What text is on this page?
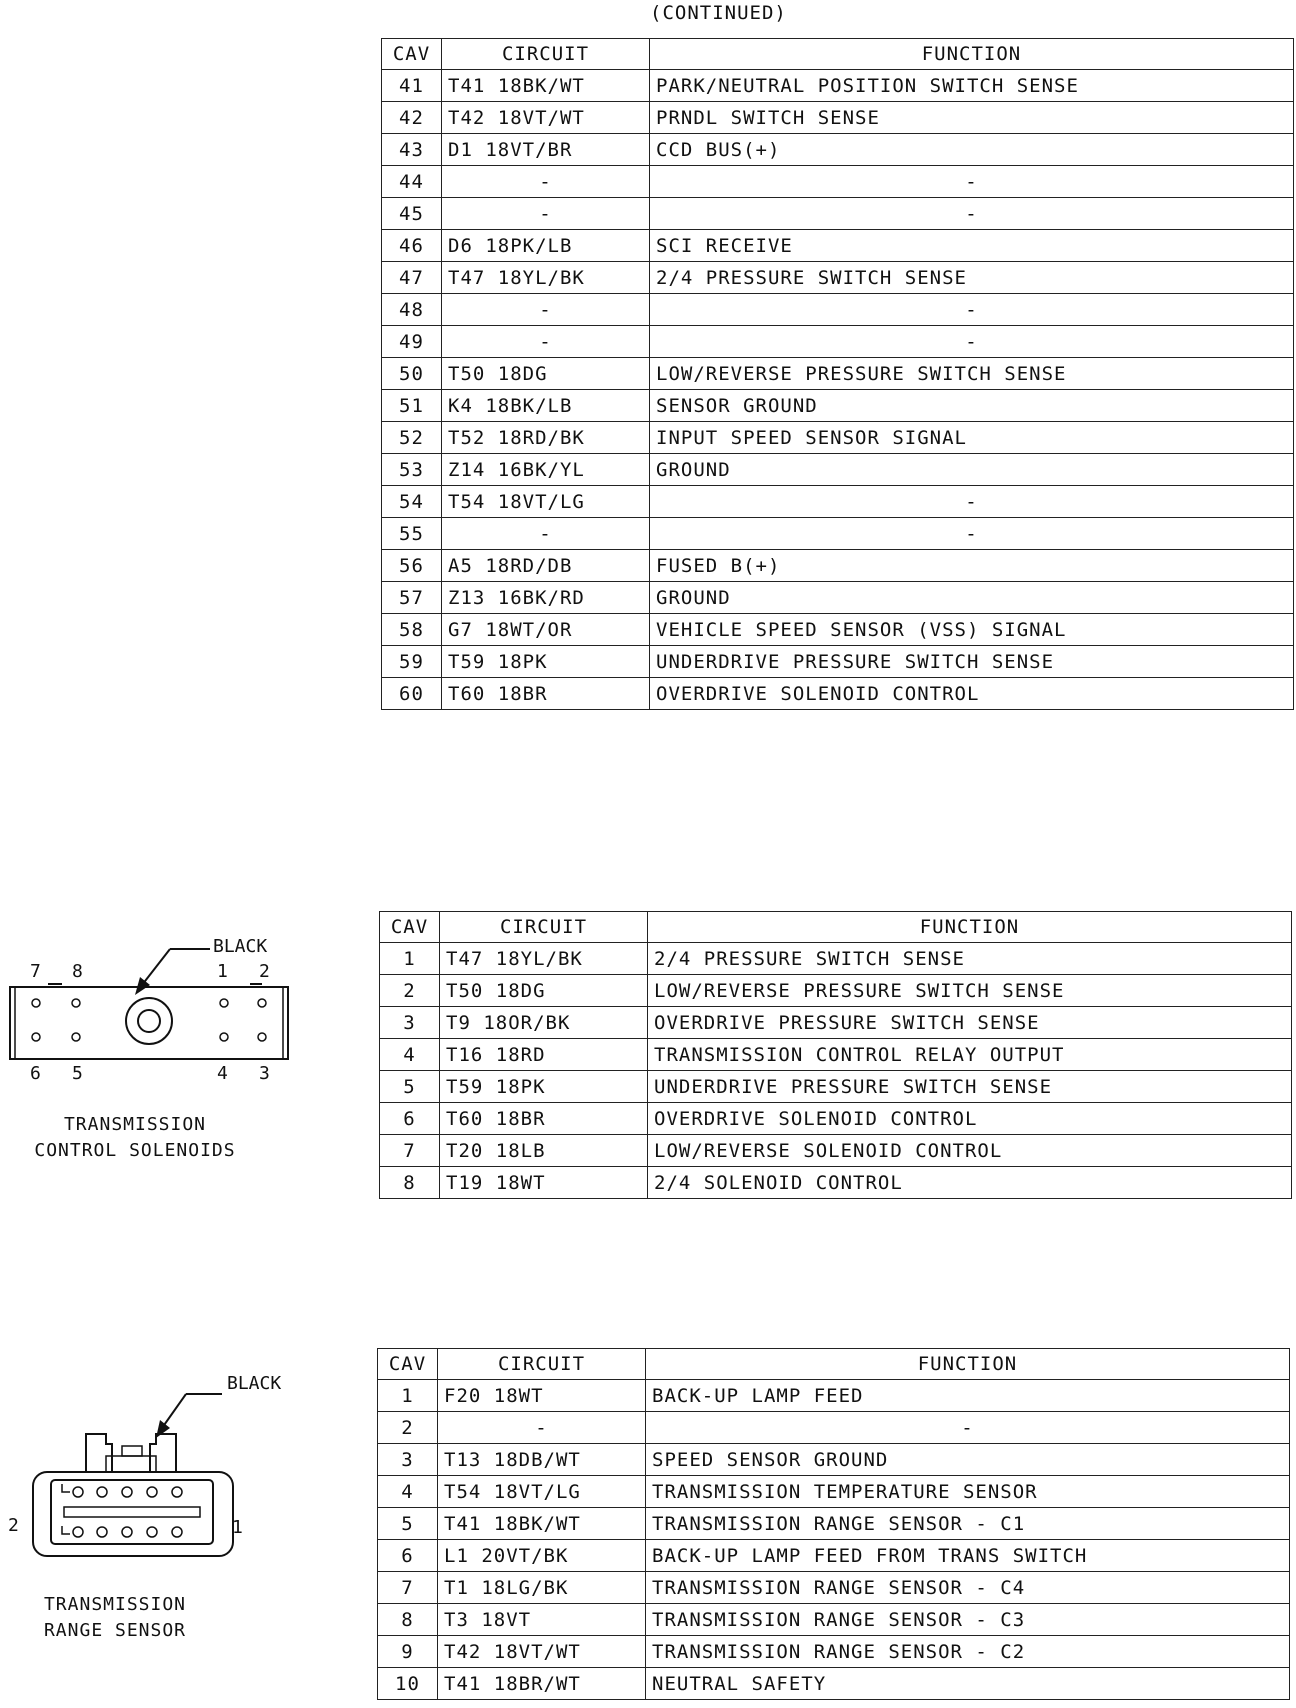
(CONTINUED)
CAV	CIRCUIT	FUNCTION
41	T41 18BK/WT	PARK/NEUTRAL POSITION SWITCH SENSE
42	T42 18VT/WT	PRNDL SWITCH SENSE
43	D1 18VT/BR	CCD BUS(+)
44	-	-
45	-	-
46	D6 18PK/LB	SCI RECEIVE
47	T47 18YL/BK	2/4 PRESSURE SWITCH SENSE
48	-	-
49	-	-
50	T50 18DG	LOW/REVERSE PRESSURE SWITCH SENSE
51	K4 18BK/LB	SENSOR GROUND
52	T52 18RD/BK	INPUT SPEED SENSOR SIGNAL
53	Z14 16BK/YL	GROUND
54	T54 18VT/LG	-
55	-	-
56	A5 18RD/DB	FUSED B(+)
57	Z13 16BK/RD	GROUND
58	G7 18WT/OR	VEHICLE SPEED SENSOR (VSS) SIGNAL
59	T59 18PK	UNDERDRIVE PRESSURE SWITCH SENSE
60	T60 18BR	OVERDRIVE SOLENOID CONTROL
BLACK
7 8	1 2
6 5	4 3
TRANSMISSION
CONTROL SOLENOIDS
CAV	CIRCUIT	FUNCTION
1	T47 18YL/BK	2/4 PRESSURE SWITCH SENSE
2	T50 18DG	LOW/REVERSE PRESSURE SWITCH SENSE
3	T9 18OR/BK	OVERDRIVE PRESSURE SWITCH SENSE
4	T16 18RD	TRANSMISSION CONTROL RELAY OUTPUT
5	T59 18PK	UNDERDRIVE PRESSURE SWITCH SENSE
6	T60 18BR	OVERDRIVE SOLENOID CONTROL
7	T20 18LB	LOW/REVERSE SOLENOID CONTROL
8	T19 18WT	2/4 SOLENOID CONTROL
BLACK
2	1
TRANSMISSION
RANGE SENSOR
CAV	CIRCUIT	FUNCTION
1	F20 18WT	BACK-UP LAMP FEED
2	-	-
3	T13 18DB/WT	SPEED SENSOR GROUND
4	T54 18VT/LG	TRANSMISSION TEMPERATURE SENSOR
5	T41 18BK/WT	TRANSMISSION RANGE SENSOR - C1
6	L1 20VT/BK	BACK-UP LAMP FEED FROM TRANS SWITCH
7	T1 18LG/BK	TRANSMISSION RANGE SENSOR - C4
8	T3 18VT	TRANSMISSION RANGE SENSOR - C3
9	T42 18VT/WT	TRANSMISSION RANGE SENSOR - C2
10	T41 18BR/WT	NEUTRAL SAFETY
